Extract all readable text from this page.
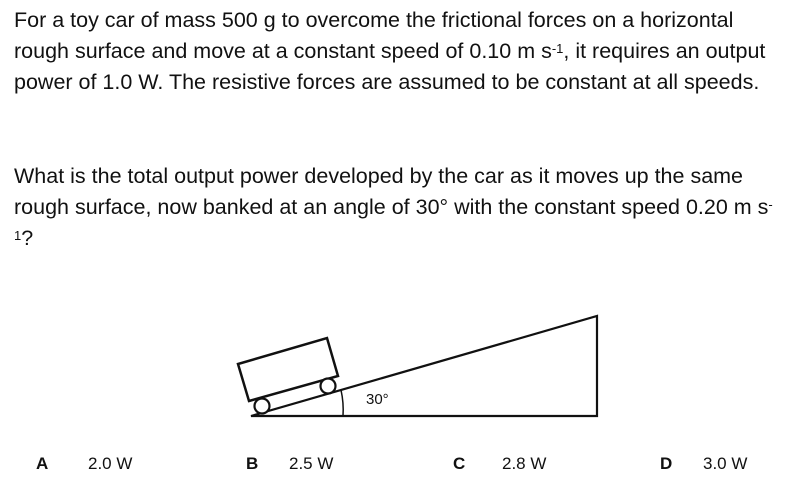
For a toy car of mass 500 g to overcome the frictional forces on a horizontal rough surface and move at a constant speed of 0.10 m $s^{-1}$, it requires an output power of 1.0 W. The resistive forces are assumed to be constant at all speeds.

What is the total output power developed by the car as it moves up the same rough surface, now banked at an angle of 30° with the constant speed 0.20 m $s^{-1}$?

30°
A 2.0 W	B 2.5 W	C 2.8 W	D 3.0 W
